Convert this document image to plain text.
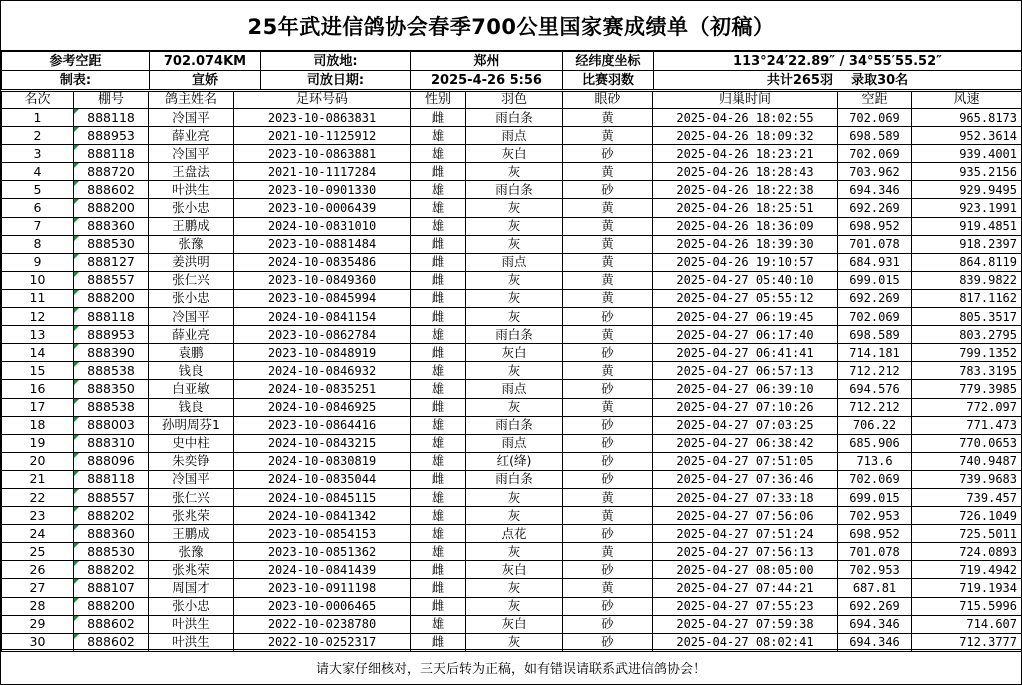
25年武进信鸽协会春季700公里国家赛成绩单（初稿）
参考空距	702.074KM	司放地:	郑州	经纬度坐标	113°24′22.89″ / 34°55′55.52″
制表:	宣娇	司放日期:	2025-4-26 5:56	比赛羽数	共计265羽 录取30名
名次	棚号	鸽主姓名	足环号码	性别	羽色	眼砂	归巢时间	空距	风速
1	888118	冷国平	2023-10-0863831	雌	雨白条	黄	2025-04-26 18:02:55	702.069	965.8173
2	888953	薛业亮	2021-10-1125912	雄	雨点	黄	2025-04-26 18:09:32	698.589	952.3614
3	888118	冷国平	2023-10-0863881	雄	灰白	砂	2025-04-26 18:23:21	702.069	939.4001
4	888720	王盘法	2021-10-1117284	雌	灰	黄	2025-04-26 18:28:43	703.962	935.2156
5	888602	叶洪生	2023-10-0901330	雄	雨白条	砂	2025-04-26 18:22:38	694.346	929.9495
6	888200	张小忠	2023-10-0006439	雄	灰	黄	2025-04-26 18:25:51	692.269	923.1991
7	888360	王鹏成	2024-10-0831010	雄	灰	黄	2025-04-26 18:36:09	698.952	919.4851
8	888530	张豫	2023-10-0881484	雌	灰	黄	2025-04-26 18:39:30	701.078	918.2397
9	888127	姜洪明	2024-10-0835486	雌	雨点	黄	2025-04-26 19:10:57	684.931	864.8119
10	888557	张仁兴	2023-10-0849360	雌	灰	黄	2025-04-27 05:40:10	699.015	839.9822
11	888200	张小忠	2023-10-0845994	雌	灰	黄	2025-04-27 05:55:12	692.269	817.1162
12	888118	冷国平	2024-10-0841154	雌	灰	砂	2025-04-27 06:19:45	702.069	805.3517
13	888953	薛业亮	2023-10-0862784	雄	雨白条	黄	2025-04-27 06:17:40	698.589	803.2795
14	888390	袁鹏	2023-10-0848919	雌	灰白	砂	2025-04-27 06:41:41	714.181	799.1352
15	888538	钱良	2024-10-0846932	雄	灰	黄	2025-04-27 06:57:13	712.212	783.3195
16	888350	白亚敏	2024-10-0835251	雄	雨点	砂	2025-04-27 06:39:10	694.576	779.3985
17	888538	钱良	2024-10-0846925	雌	灰	黄	2025-04-27 07:10:26	712.212	772.097
18	888003	孙明周芬1	2023-10-0864416	雄	雨白条	砂	2025-04-27 07:03:25	706.22	771.473
19	888310	史中柱	2024-10-0843215	雄	雨点	砂	2025-04-27 06:38:42	685.906	770.0653
20	888096	朱奕铮	2024-10-0830819	雄	红(绛)	砂	2025-04-27 07:51:05	713.6	740.9487
21	888118	冷国平	2024-10-0835044	雌	雨白条	砂	2025-04-27 07:36:46	702.069	739.9683
22	888557	张仁兴	2024-10-0845115	雄	灰	黄	2025-04-27 07:33:18	699.015	739.457
23	888202	张兆荣	2024-10-0841342	雄	灰	黄	2025-04-27 07:56:06	702.953	726.1049
24	888360	王鹏成	2023-10-0854153	雄	点花	砂	2025-04-27 07:51:24	698.952	725.5011
25	888530	张豫	2023-10-0851362	雄	灰	黄	2025-04-27 07:56:13	701.078	724.0893
26	888202	张兆荣	2024-10-0841439	雌	灰白	砂	2025-04-27 08:05:00	702.953	719.4942
27	888107	周国才	2023-10-0911198	雌	灰	黄	2025-04-27 07:44:21	687.81	719.1934
28	888200	张小忠	2023-10-0006465	雌	灰	砂	2025-04-27 07:55:23	692.269	715.5996
29	888602	叶洪生	2022-10-0238780	雄	灰白	砂	2025-04-27 07:59:38	694.346	714.607
30	888602	叶洪生	2022-10-0252317	雌	灰	砂	2025-04-27 08:02:41	694.346	712.3777
请大家仔细核对，三天后转为正稿，如有错误请联系武进信鸽协会！
